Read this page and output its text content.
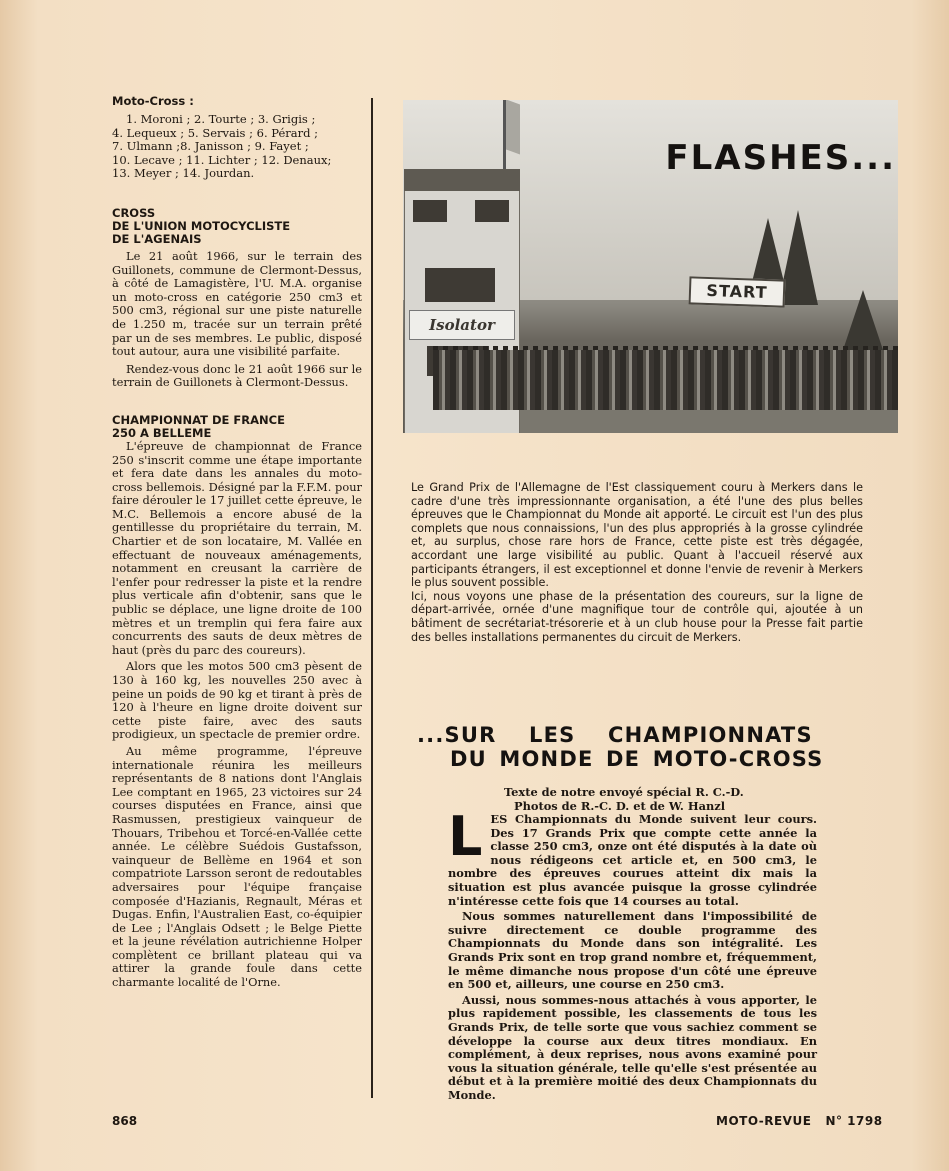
Moto-Cross :

1. Moroni ; 2. Tourte ; 3. Grigis ;
4. Lequeux ; 5. Servais ; 6. Pérard ;
7. Ulmann ;8. Janisson ; 9. Fayet ;
10. Lecave ; 11. Lichter ; 12. Denaux;
13. Meyer ; 14. Jourdan.

CROSS

DE L'UNION MOTOCYCLISTE

DE L'AGENAIS

Le 21 août 1966, sur le terrain des Guillonets, commune de Clermont-Dessus, à côté de Lamagistère, l'U. M.A. organise un moto-cross en catégorie 250 cm3 et 500 cm3, régional sur une piste naturelle de 1.250 m, tracée sur un terrain prêté par un de ses membres. Le public, disposé tout autour, aura une visibilité parfaite.

Rendez-vous donc le 21 août 1966 sur le terrain de Guillonets à Clermont-Dessus.

CHAMPIONNAT DE FRANCE

250 A BELLEME

L'épreuve de championnat de France 250 s'inscrit comme une étape importante et fera date dans les annales du moto-cross bellemois. Désigné par la F.F.M. pour faire dérouler le 17 juillet cette épreuve, le M.C. Bellemois a encore abusé de la gentillesse du propriétaire du terrain, M. Chartier et de son locataire, M. Vallée en effectuant de nouveaux aménagements, notamment en creusant la carrière de l'enfer pour redresser la piste et la rendre plus verticale afin d'obtenir, sans que le public se déplace, une ligne droite de 100 mètres et un tremplin qui fera faire aux concurrents des sauts de deux mètres de haut (près du parc des coureurs).

Alors que les motos 500 cm3 pèsent de 130 à 160 kg, les nouvelles 250 avec à peine un poids de 90 kg et tirant à près de 120 à l'heure en ligne droite doivent sur cette piste faire, avec des sauts prodigieux, un spectacle de premier ordre.

Au même programme, l'épreuve internationale réunira les meilleurs représentants de 8 nations dont l'Anglais Lee comptant en 1965, 23 victoires sur 24 courses disputées en France, ainsi que Rasmussen, prestigieux vainqueur de Thouars, Tribehou et Torcé-en-Vallée cette année. Le célèbre Suédois Gustafsson, vainqueur de Bellème en 1964 et son compatriote Larsson seront de redoutables adversaires pour l'équipe française composée d'Hazianis, Regnault, Méras et Dugas. Enfin, l'Australien East, co-équipier de Lee ; l'Anglais Odsett ; le Belge Piette et la jeune révélation autrichienne Holper complètent ce brillant plateau qui va attirer la grande foule dans cette charmante localité de l'Orne.

Isolator
START
FLASHES...

Le Grand Prix de l'Allemagne de l'Est classiquement couru à Merkers dans le cadre d'une très impressionnante organisation, a été l'une des plus belles épreuves que le Championnat du Monde ait apporté. Le circuit est l'un des plus complets que nous connaissions, l'un des plus appropriés à la grosse cylindrée et, au surplus, chose rare hors de France, cette piste est très dégagée, accordant une large visibilité au public. Quant à l'accueil réservé aux participants étrangers, il est exceptionnel et donne l'envie de revenir à Merkers le plus souvent possible.

Ici, nous voyons une phase de la présentation des coureurs, sur la ligne de départ-arrivée, ornée d'une magnifique tour de contrôle qui, ajoutée à un bâtiment de secrétariat-trésorerie et à un club house pour la Presse fait partie des belles installations permanentes du circuit de Merkers.

...SUR LES CHAMPIONNATS
DU MONDE DE MOTO-CROSS
Texte de notre envoyé spécial R. C.-D.
Photos de R.-C. D. et de W. Hanzl

L ES Championnats du Monde suivent leur cours. Des 17 Grands Prix que compte cette année la classe 250 cm3, onze ont été disputés à la date où nous rédigeons cet article et, en 500 cm3, le nombre des épreuves courues atteint dix mais la situation est plus avancée puisque la grosse cylindrée n'intéresse cette fois que 14 courses au total.

Nous sommes naturellement dans l'impossibilité de suivre directement ce double programme des Championnats du Monde dans son intégralité. Les Grands Prix sont en trop grand nombre et, fréquemment, le même dimanche nous propose d'un côté une épreuve en 500 et, ailleurs, une course en 250 cm3.

Aussi, nous sommes-nous attachés à vous apporter, le plus rapidement possible, les classements de tous les Grands Prix, de telle sorte que vous sachiez comment se développe la course aux deux titres mondiaux. En complément, à deux reprises, nous avons examiné pour vous la situation générale, telle qu'elle s'est présentée au début et à la première moitié des deux Championnats du Monde.

868	MOTO-REVUE N° 1798
